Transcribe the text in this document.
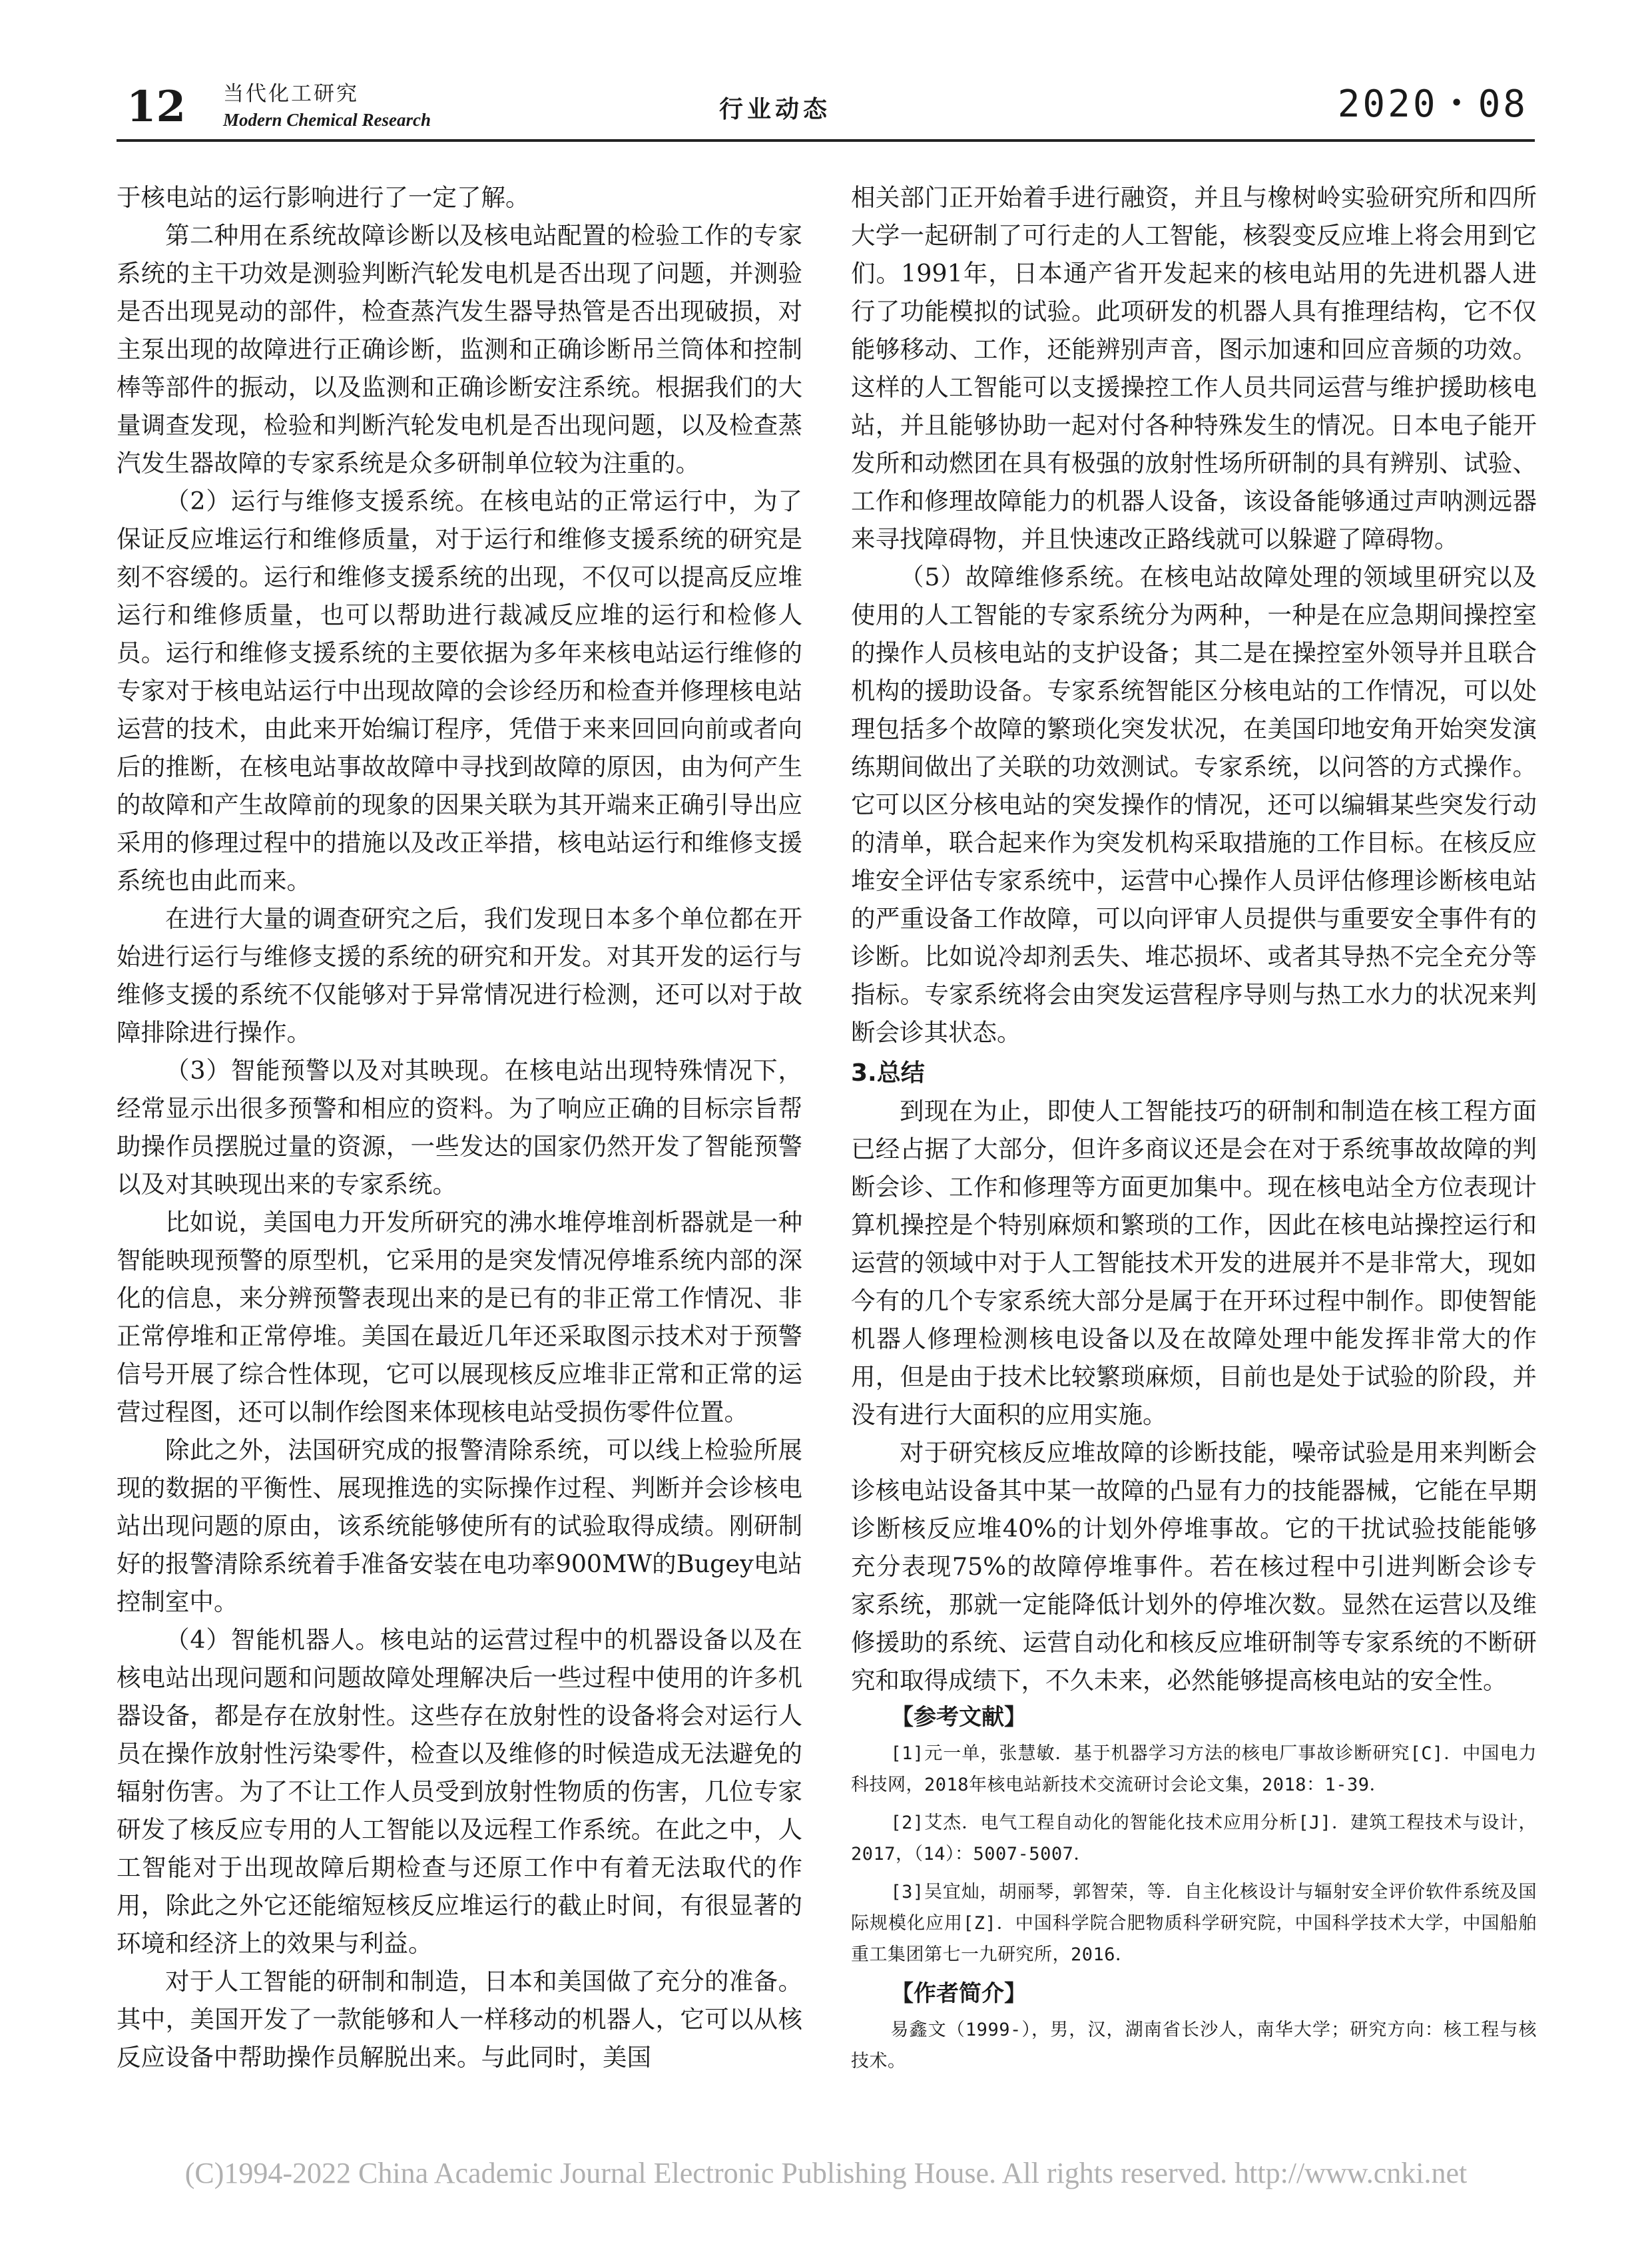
12 当代化工研究
Modern Chemical Research	行业动态	2020・08

于核电站的运行影响进行了一定了解。

第二种用在系统故障诊断以及核电站配置的检验工作的专家系统的主干功效是测验判断汽轮发电机是否出现了问题，并测验是否出现晃动的部件，检查蒸汽发生器导热管是否出现破损，对主泵出现的故障进行正确诊断，监测和正确诊断吊兰筒体和控制棒等部件的振动，以及监测和正确诊断安注系统。根据我们的大量调查发现，检验和判断汽轮发电机是否出现问题，以及检查蒸汽发生器故障的专家系统是众多研制单位较为注重的。

（2）运行与维修支援系统。在核电站的正常运行中，为了保证反应堆运行和维修质量，对于运行和维修支援系统的研究是刻不容缓的。运行和维修支援系统的出现，不仅可以提高反应堆运行和维修质量，也可以帮助进行裁减反应堆的运行和检修人员。运行和维修支援系统的主要依据为多年来核电站运行维修的专家对于核电站运行中出现故障的会诊经历和检查并修理核电站运营的技术，由此来开始编订程序，凭借于来来回回向前或者向后的推断，在核电站事故故障中寻找到故障的原因，由为何产生的故障和产生故障前的现象的因果关联为其开端来正确引导出应采用的修理过程中的措施以及改正举措，核电站运行和维修支援系统也由此而来。

在进行大量的调查研究之后，我们发现日本多个单位都在开始进行运行与维修支援的系统的研究和开发。对其开发的运行与维修支援的系统不仅能够对于异常情况进行检测，还可以对于故障排除进行操作。

（3）智能预警以及对其映现。在核电站出现特殊情况下，经常显示出很多预警和相应的资料。为了响应正确的目标宗旨帮助操作员摆脱过量的资源，一些发达的国家仍然开发了智能预警以及对其映现出来的专家系统。

比如说，美国电力开发所研究的沸水堆停堆剖析器就是一种智能映现预警的原型机，它采用的是突发情况停堆系统内部的深化的信息，来分辨预警表现出来的是已有的非正常工作情况、非正常停堆和正常停堆。美国在最近几年还采取图示技术对于预警信号开展了综合性体现，它可以展现核反应堆非正常和正常的运营过程图，还可以制作绘图来体现核电站受损伤零件位置。

除此之外，法国研究成的报警清除系统，可以线上检验所展现的数据的平衡性、展现推选的实际操作过程、判断并会诊核电站出现问题的原由，该系统能够使所有的试验取得成绩。刚研制好的报警清除系统着手准备安装在电功率900MW的Bugey电站控制室中。

（4）智能机器人。核电站的运营过程中的机器设备以及在核电站出现问题和问题故障处理解决后一些过程中使用的许多机器设备，都是存在放射性。这些存在放射性的设备将会对运行人员在操作放射性污染零件，检查以及维修的时候造成无法避免的辐射伤害。为了不让工作人员受到放射性物质的伤害，几位专家研发了核反应专用的人工智能以及远程工作系统。在此之中，人工智能对于出现故障后期检查与还原工作中有着无法取代的作用，除此之外它还能缩短核反应堆运行的截止时间，有很显著的环境和经济上的效果与利益。

对于人工智能的研制和制造，日本和美国做了充分的准备。其中，美国开发了一款能够和人一样移动的机器人，它可以从核反应设备中帮助操作员解脱出来。与此同时，美国

相关部门正开始着手进行融资，并且与橡树岭实验研究所和四所大学一起研制了可行走的人工智能，核裂变反应堆上将会用到它们。1991年，日本通产省开发起来的核电站用的先进机器人进行了功能模拟的试验。此项研发的机器人具有推理结构，它不仅能够移动、工作，还能辨别声音，图示加速和回应音频的功效。这样的人工智能可以支援操控工作人员共同运营与维护援助核电站，并且能够协助一起对付各种特殊发生的情况。日本电子能开发所和动燃团在具有极强的放射性场所研制的具有辨别、试验、工作和修理故障能力的机器人设备，该设备能够通过声呐测远器来寻找障碍物，并且快速改正路线就可以躲避了障碍物。

（5）故障维修系统。在核电站故障处理的领域里研究以及使用的人工智能的专家系统分为两种，一种是在应急期间操控室的操作人员核电站的支护设备；其二是在操控室外领导并且联合机构的援助设备。专家系统智能区分核电站的工作情况，可以处理包括多个故障的繁琐化突发状况，在美国印地安角开始突发演练期间做出了关联的功效测试。专家系统，以问答的方式操作。它可以区分核电站的突发操作的情况，还可以编辑某些突发行动的清单，联合起来作为突发机构采取措施的工作目标。在核反应堆安全评估专家系统中，运营中心操作人员评估修理诊断核电站的严重设备工作故障，可以向评审人员提供与重要安全事件有的诊断。比如说冷却剂丢失、堆芯损坏、或者其导热不完全充分等指标。专家系统将会由突发运营程序导则与热工水力的状况来判断会诊其状态。

3.总结

到现在为止，即使人工智能技巧的研制和制造在核工程方面已经占据了大部分，但许多商议还是会在对于系统事故故障的判断会诊、工作和修理等方面更加集中。现在核电站全方位表现计算机操控是个特别麻烦和繁琐的工作，因此在核电站操控运行和运营的领域中对于人工智能技术开发的进展并不是非常大，现如今有的几个专家系统大部分是属于在开环过程中制作。即使智能机器人修理检测核电设备以及在故障处理中能发挥非常大的作用，但是由于技术比较繁琐麻烦，目前也是处于试验的阶段，并没有进行大面积的应用实施。

对于研究核反应堆故障的诊断技能，噪帝试验是用来判断会诊核电站设备其中某一故障的凸显有力的技能器械，它能在早期诊断核反应堆40%的计划外停堆事故。它的干扰试验技能能够充分表现75%的故障停堆事件。若在核过程中引进判断会诊专家系统，那就一定能降低计划外的停堆次数。显然在运营以及维修援助的系统、运营自动化和核反应堆研制等专家系统的不断研究和取得成绩下，不久未来，必然能够提高核电站的安全性。

【参考文献】

[1]元一单，张慧敏．基于机器学习方法的核电厂事故诊断研究[C]．中国电力科技网，2018年核电站新技术交流研讨会论文集，2018：1-39．

[2]艾杰．电气工程自动化的智能化技术应用分析[J]．建筑工程技术与设计，2017，（14）：5007-5007．

[3]吴宜灿，胡丽琴，郭智荣，等．自主化核设计与辐射安全评价软件系统及国际规模化应用[Z]．中国科学院合肥物质科学研究院，中国科学技术大学，中国船舶重工集团第七一九研究所，2016．

【作者简介】

易鑫文（1999-），男，汉，湖南省长沙人，南华大学；研究方向：核工程与核技术。

(C)1994-2022 China Academic Journal Electronic Publishing House. All rights reserved. http://www.cnki.net
